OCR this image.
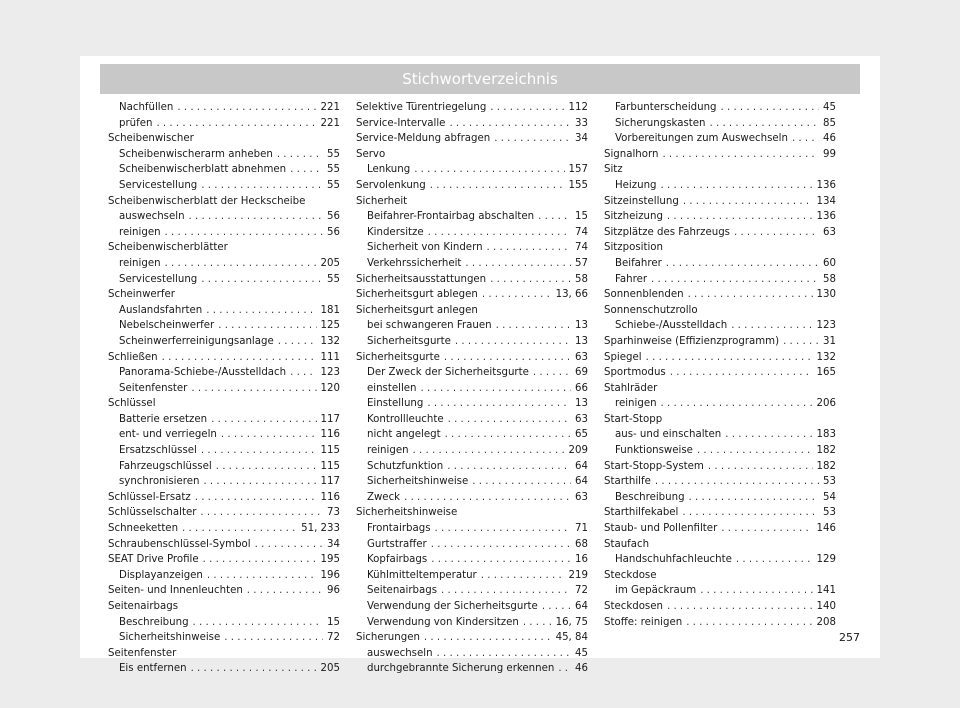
Stichwortverzeichnis
Nachfüllen . . .	221
prüfen . . .	221
Scheibenwischer
Scheibenwischerarm anheben . . .	55
Scheibenwischerblatt abnehmen . . .	55
Servicestellung . . .	55
Scheibenwischerblatt der Heckscheibe
auswechseln . . .	56
reinigen . . .	56
Scheibenwischerblätter
reinigen . . .	205
Servicestellung . . .	55
Scheinwerfer
Auslandsfahrten . . .	181
Nebelscheinwerfer . . .	125
Scheinwerferreinigungsanlage . . .	132
Schließen . . .	111
Panorama-Schiebe-/Ausstelldach . . .	123
Seitenfenster . . .	120
Schlüssel
Batterie ersetzen . . .	117
ent- und verriegeln . . .	116
Ersatzschlüssel . . .	115
Fahrzeugschlüssel . . .	115
synchronisieren . . .	117
Schlüssel-Ersatz . . .	116
Schlüsselschalter . . .	73
Schneeketten . . .	51, 233
Schraubenschlüssel-Symbol . . .	34
SEAT Drive Profile . . .	195
Displayanzeigen . . .	196
Seiten- und Innenleuchten . . .	96
Seitenairbags
Beschreibung . . .	15
Sicherheitshinweise . . .	72
Seitenfenster
Eis entfernen . . .	205
Selektive Türentriegelung . . .	112
Service-Intervalle . . .	33
Service-Meldung abfragen . . .	34
Servo
Lenkung . . .	157
Servolenkung . . .	155
Sicherheit
Beifahrer-Frontairbag abschalten . . .	15
Kindersitze . . .	74
Sicherheit von Kindern . . .	74
Verkehrssicherheit . . .	57
Sicherheitsausstattungen . . .	58
Sicherheitsgurt ablegen . . .	13, 66
Sicherheitsgurt anlegen
bei schwangeren Frauen . . .	13
Sicherheitsgurte . . .	13
Sicherheitsgurte . . .	63
Der Zweck der Sicherheitsgurte . . .	69
einstellen . . .	66
Einstellung . . .	13
Kontrollleuchte . . .	63
nicht angelegt . . .	65
reinigen . . .	209
Schutzfunktion . . .	64
Sicherheitshinweise . . .	64
Zweck . . .	63
Sicherheitshinweise
Frontairbags . . .	71
Gurtstraffer . . .	68
Kopfairbags . . .	16
Kühlmitteltemperatur . . .	219
Seitenairbags . . .	72
Verwendung der Sicherheitsgurte . . .	64
Verwendung von Kindersitzen . . .	16, 75
Sicherungen . . .	45, 84
auswechseln . . .	45
durchgebrannte Sicherung erkennen . . . 46
Farbunterscheidung . . .	45
Sicherungskasten . . .	85
Vorbereitungen zum Auswechseln . . .	46
Signalhorn . . .	99
Sitz
Heizung . . .	136
Sitzeinstellung . . .	134
Sitzheizung . . .	136
Sitzplätze des Fahrzeugs . . .	63
Sitzposition
Beifahrer . . .	60
Fahrer . . .	58
Sonnenblenden . . .	130
Sonnenschutzrollo
Schiebe-/Ausstelldach . . .	123
Sparhinweise (Effizienzprogramm) . . .	31
Spiegel . . .	132
Sportmodus . . .	165
Stahlräder
reinigen . . .	206
Start-Stopp
aus- und einschalten . . .	183
Funktionsweise . . .	182
Start-Stopp-System . . .	182
Starthilfe . . .	53
Beschreibung . . .	54
Starthilfekabel . . .	53
Staub- und Pollenfilter . . .	146
Staufach
Handschuhfachleuchte . . .	129
Steckdose
im Gepäckraum . . .	141
Steckdosen . . .	140
Stoffe: reinigen . . .	208
257
